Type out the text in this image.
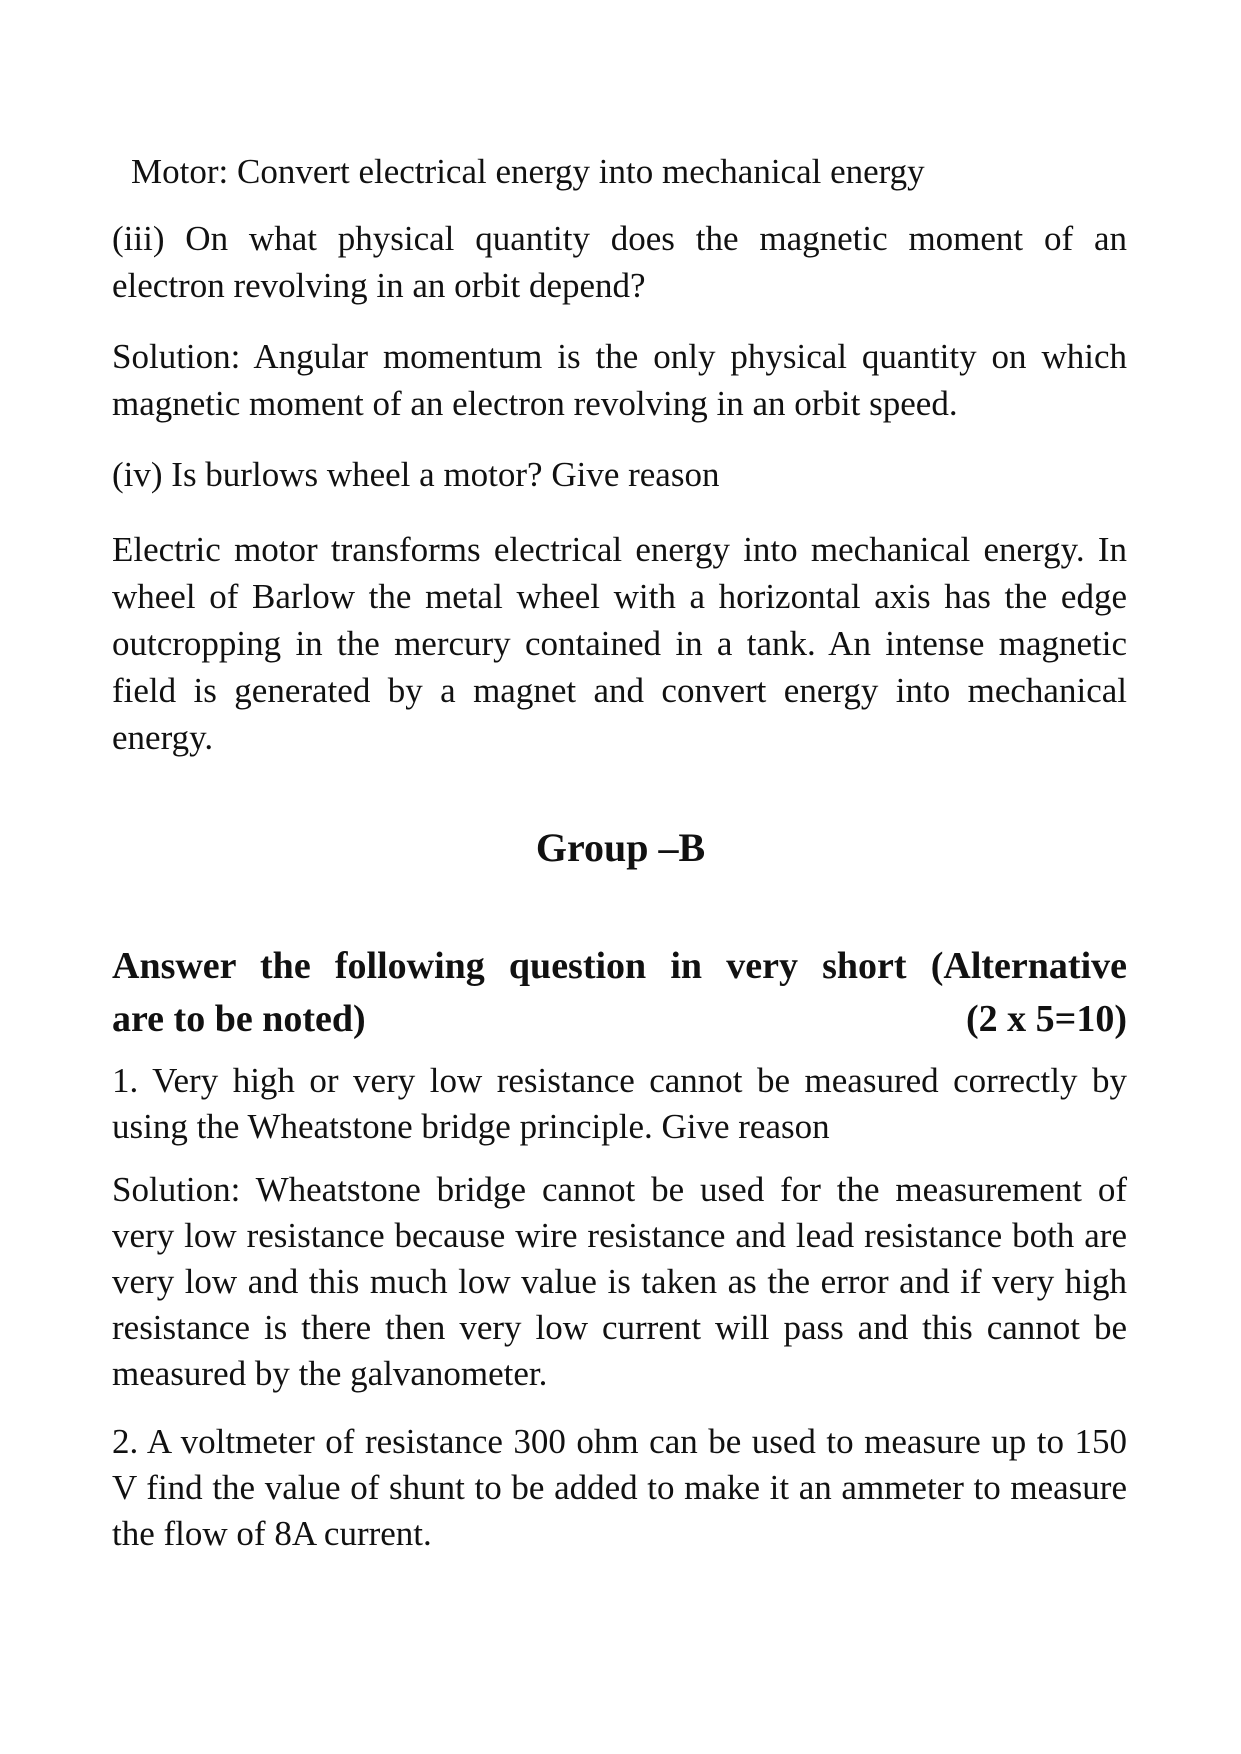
Motor: Convert electrical energy into mechanical energy
(iii) On what physical quantity does the magnetic moment of an electron revolving in an orbit depend?
Solution: Angular momentum is the only physical quantity on which magnetic moment of an electron revolving in an orbit speed.
(iv) Is burlows wheel a motor? Give reason
Electric motor transforms electrical energy into mechanical energy. In wheel of Barlow the metal wheel with a horizontal axis has the edge outcropping in the mercury contained in a tank. An intense magnetic field is generated by a magnet and convert energy into mechanical energy.
Group –B
Answer the following question in very short (Alternative
are to be noted)	(2 x 5=10)
1. Very high or very low resistance cannot be measured correctly by using the Wheatstone bridge principle. Give reason
Solution: Wheatstone bridge cannot be used for the measurement of very low resistance because wire resistance and lead resistance both are very low and this much low value is taken as the error and if very high resistance is there then very low current will pass and this cannot be measured by the galvanometer.
2. A voltmeter of resistance 300 ohm can be used to measure up to 150 V find the value of shunt to be added to make it an ammeter to measure the flow of 8A current.
